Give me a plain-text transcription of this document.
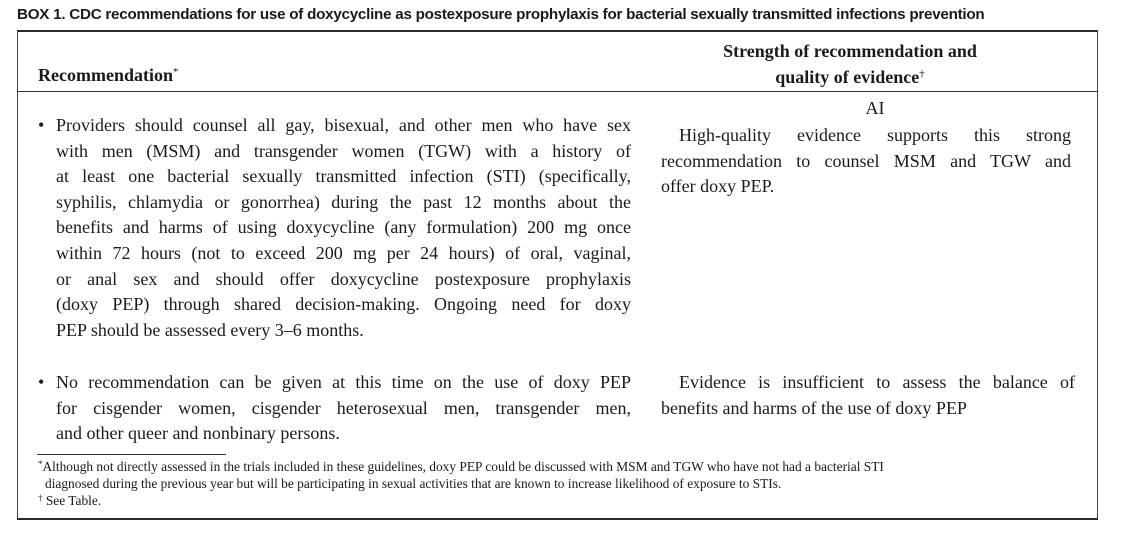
BOX 1. CDC recommendations for use of doxycycline as postexposure prophylaxis for bacterial sexually transmitted infections prevention
Recommendation*
Strength of recommendation and
quality of evidence†
• Providers should counsel all gay, bisexual, and other men who have sex
with men (MSM) and transgender women (TGW) with a history of
at least one bacterial sexually transmitted infection (STI) (specifically,
syphilis, chlamydia or gonorrhea) during the past 12 months about the
benefits and harms of using doxycycline (any formulation) 200 mg once
within 72 hours (not to exceed 200 mg per 24 hours) of oral, vaginal,
or anal sex and should offer doxycycline postexposure prophylaxis
(doxy PEP) through shared decision-making. Ongoing need for doxy
PEP should be assessed every 3–6 months.
AI
High-quality evidence supports this strong
recommendation to counsel MSM and TGW and
offer doxy PEP.
• No recommendation can be given at this time on the use of doxy PEP
for cisgender women, cisgender heterosexual men, transgender men,
and other queer and nonbinary persons.
Evidence is insufficient to assess the balance of
benefits and harms of the use of doxy PEP
*Although not directly assessed in the trials included in these guidelines, doxy PEP could be discussed with MSM and TGW who have not had a bacterial STI
diagnosed during the previous year but will be participating in sexual activities that are known to increase likelihood of exposure to STIs.
† See Table.
